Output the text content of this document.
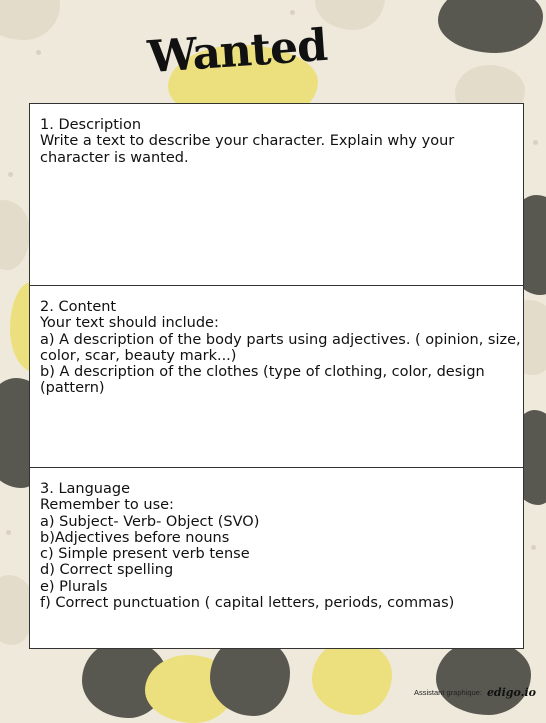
Wanted
1. Description
Write a text to describe your character. Explain why your
character is wanted.
2. Content
Your text should include:
a) A description of the body parts using adjectives. ( opinion, size,
color, scar, beauty mark...)
b) A description of the clothes (type of clothing, color, design
(pattern)
3. Language
Remember to use:
a) Subject- Verb- Object (SVO)
b)Adjectives before nouns
c) Simple present verb tense
d) Correct spelling
e) Plurals
f) Correct punctuation ( capital letters, periods, commas)
Assistant graphique: edigo.io
